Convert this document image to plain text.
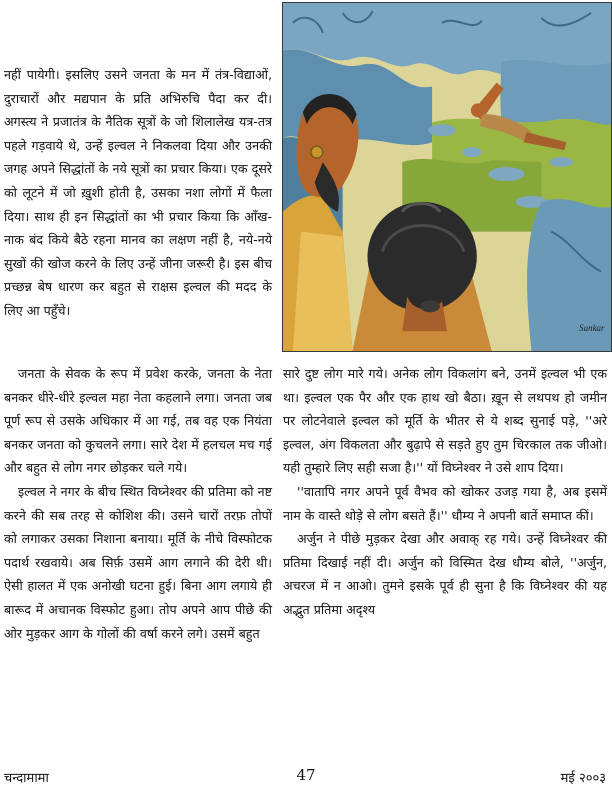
Sankar

नहीं पायेगी। इसलिए उसने जनता के मन में तंत्र-विद्याओं, दुराचारों और मद्यपान के प्रति अभिरुचि पैदा कर दी। अगस्त्य ने प्रजातंत्र के नैतिक सूत्रों के जो शिलालेख यत्र-तत्र पहले गड़वाये थे, उन्हें इल्वल ने निकलवा दिया और उनकी जगह अपने सिद्धांतों के नये सूत्रों का प्रचार किया। एक दूसरे को लूटने में जो ख़ुशी होती है, उसका नशा लोगों में फैला दिया। साथ ही इन सिद्धांतों का भी प्रचार किया कि आँख-नाक बंद किये बैठे रहना मानव का लक्षण नहीं है, नये-नये सुखों की खोज करने के लिए उन्हें जीना जरूरी है। इस बीच प्रच्छन्न बेष धारण कर बहुत से राक्षस इल्वल की मदद के लिए आ पहुँचे।

जनता के सेवक के रूप में प्रवेश करके, जनता के नेता बनकर धीरे-धीरे इल्वल महा नेता कहलाने लगा। जनता जब पूर्ण रूप से उसके अधिकार में आ गई, तब वह एक नियंता बनकर जनता को कुचलने लगा। सारे देश में हलचल मच गई और बहुत से लोग नगर छोड़कर चले गये।

इल्वल ने नगर के बीच स्थित विघ्नेश्वर की प्रतिमा को नष्ट करने की सब तरह से कोशिश की। उसने चारों तरफ़ तोपों को लगाकर उसका निशाना बनाया। मूर्ति के नीचे विस्फोटक पदार्थ रखवाये। अब सिर्फ़ उसमें आग लगाने की देरी थी। ऐसी हालत में एक अनोखी घटना हुई। बिना आग लगाये ही बारूद में अचानक विस्फोट हुआ। तोप अपने आप पीछे की ओर मुड़कर आग के गोलों की वर्षा करने लगे। उसमें बहुत

सारे दुष्ट लोग मारे गये। अनेक लोग विकलांग बने, उनमें इल्वल भी एक था। इल्वल एक पैर और एक हाथ खो बैठा। ख़ून से लथपथ हो जमीन पर लोटनेवाले इल्वल को मूर्ति के भीतर से ये शब्द सुनाई पड़े, ''अरे इल्वल, अंग विकलता और बुढ़ापे से सड़ते हुए तुम चिरकाल तक जीओ। यही तुम्हारे लिए सही सजा है।'' यों विघ्नेश्वर ने उसे शाप दिया।

''वातापि नगर अपने पूर्व वैभव को खोकर उजड़ गया है, अब इसमें नाम के वास्ते थोड़े से लोग बसते हैं।'' धौम्य ने अपनी बातें समाप्त कीं।

अर्जुन ने पीछे मुड़कर देखा और अवाक् रह गये। उन्हें विघ्नेश्वर की प्रतिमा दिखाई नहीं दी। अर्जुन को विस्मित देख धौम्य बोले, ''अर्जुन, अचरज में न आओ। तुमने इसके पूर्व ही सुना है कि विघ्नेश्वर की यह अद्भुत प्रतिमा अदृश्य

चन्दामामा	47	मई २००३
